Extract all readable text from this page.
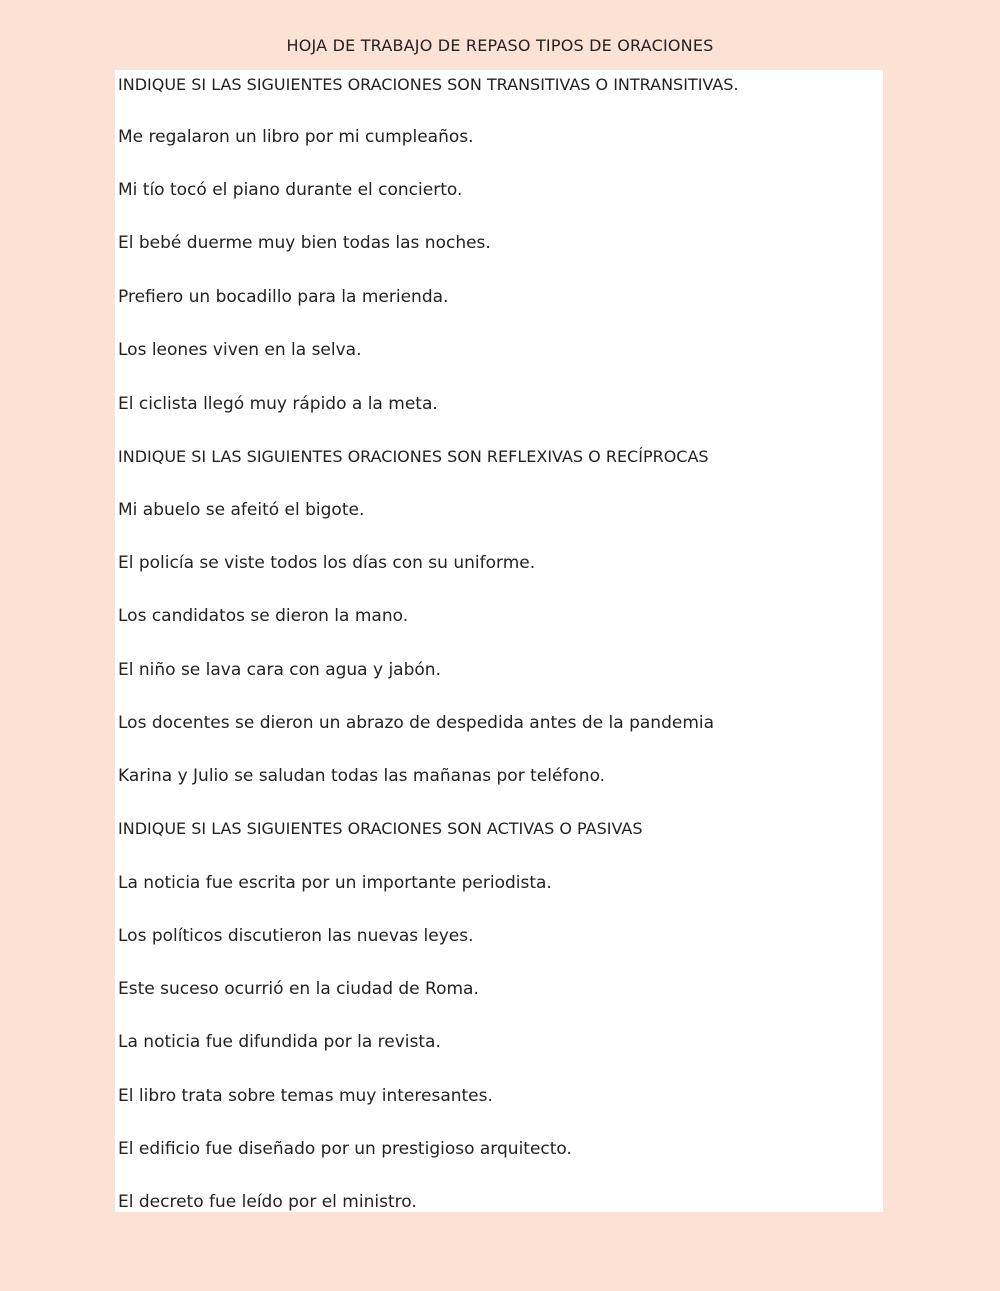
HOJA DE TRABAJO DE REPASO TIPOS DE ORACIONES
INDIQUE SI LAS SIGUIENTES ORACIONES SON TRANSITIVAS O INTRANSITIVAS.
Me regalaron un libro por mi cumpleaños.
Mi tío tocó el piano durante el concierto.
El bebé duerme muy bien todas las noches.
Prefiero un bocadillo para la merienda.
Los leones viven en la selva.
El ciclista llegó muy rápido a la meta.
INDIQUE SI LAS SIGUIENTES ORACIONES SON REFLEXIVAS O RECÍPROCAS
Mi abuelo se afeitó el bigote.
El policía se viste todos los días con su uniforme.
Los candidatos se dieron la mano.
El niño se lava cara con agua y jabón.
Los docentes se dieron un abrazo de despedida antes de la pandemia
Karina y Julio se saludan todas las mañanas por teléfono.
INDIQUE SI LAS SIGUIENTES ORACIONES SON ACTIVAS O PASIVAS
La noticia fue escrita por un importante periodista.
Los políticos discutieron las nuevas leyes.
Este suceso ocurrió en la ciudad de Roma.
La noticia fue difundida por la revista.
El libro trata sobre temas muy interesantes.
El edificio fue diseñado por un prestigioso arquitecto.
El decreto fue leído por el ministro.
